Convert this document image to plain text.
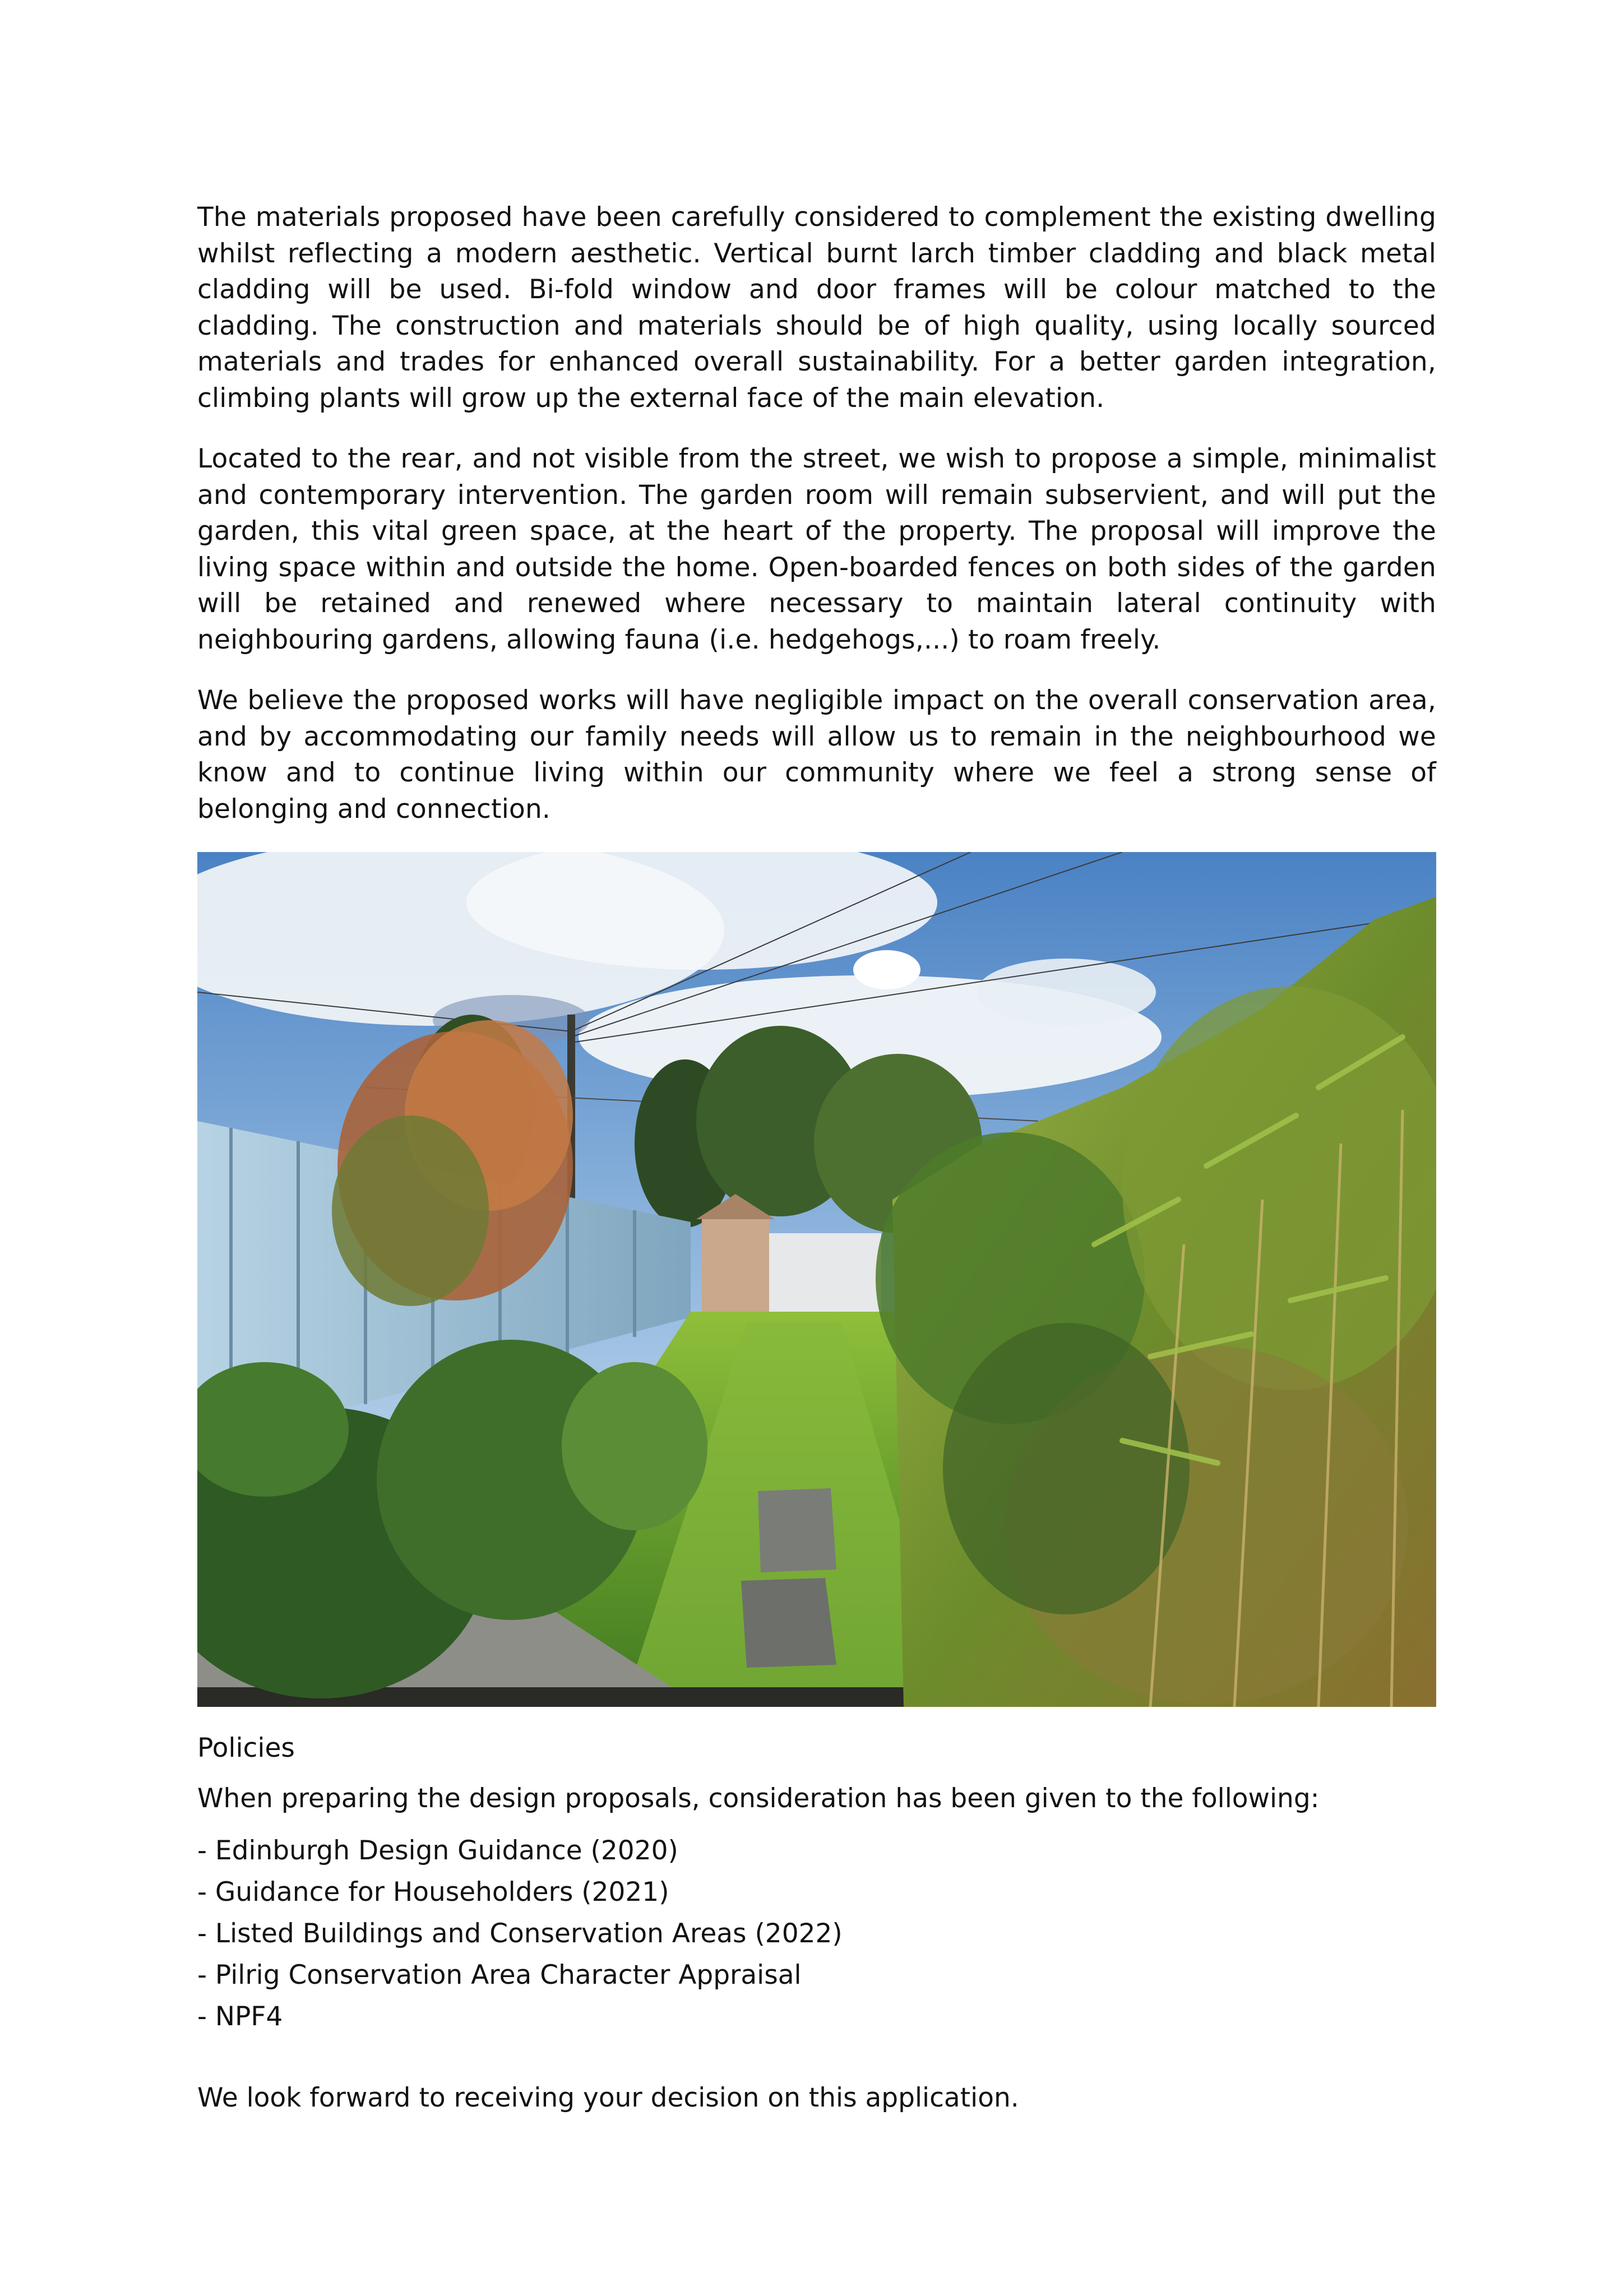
The materials proposed have been carefully considered to complement the existing dwelling whilst reflecting a modern aesthetic. Vertical burnt larch timber cladding and black metal cladding will be used. Bi-fold window and door frames will be colour matched to the cladding. The construction and materials should be of high quality, using locally sourced materials and trades for enhanced overall sustainability. For a better garden integration, climbing plants will grow up the external face of the main elevation.

Located to the rear, and not visible from the street, we wish to propose a simple, minimalist and contemporary intervention. The garden room will remain subservient, and will put the garden, this vital green space, at the heart of the property. The proposal will improve the living space within and outside the home. Open-boarded fences on both sides of the garden will be retained and renewed where necessary to maintain lateral continuity with neighbouring gardens, allowing fauna (i.e. hedgehogs,...) to roam freely.

We believe the proposed works will have negligible impact on the overall conservation area, and by accommodating our family needs will allow us to remain in the neighbourhood we know and to continue living within our community where we feel a strong sense of belonging and connection.

Policies

When preparing the design proposals, consideration has been given to the following:

- Edinburgh Design Guidance (2020)
- Guidance for Householders (2021)
- Listed Buildings and Conservation Areas (2022)
- Pilrig Conservation Area Character Appraisal
- NPF4

We look forward to receiving your decision on this application.
